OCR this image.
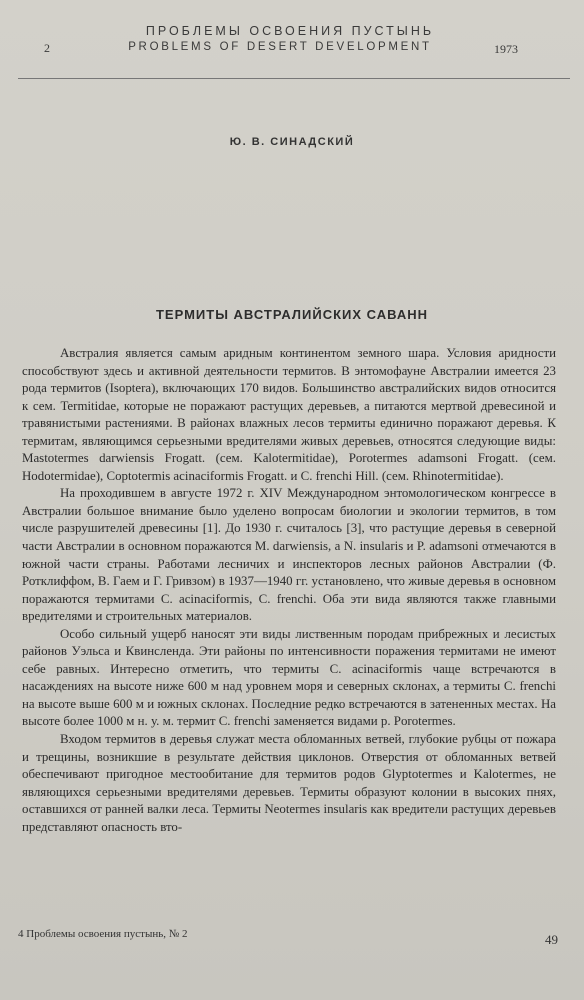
ПРОБЛЕМЫ ОСВОЕНИЯ ПУСТЫНЬ
2	PROBLEMS OF DESERT DEVELOPMENT	1973
Ю. В. СИНАДСКИЙ
ТЕРМИТЫ АВСТРАЛИЙСКИХ САВАНН

Австралия является самым аридным континентом земного шара. Условия аридности способствуют здесь и активной деятельности термитов. В энтомофауне Австралии имеется 23 рода термитов (Isoptera), включающих 170 видов. Большинство австралийских видов относится к сем. Termitidae, которые не поражают растущих деревьев, а питаются мертвой древесиной и травянистыми растениями. В районах влажных лесов термиты единично поражают деревья. К термитам, являющимся серьезными вредителями живых деревьев, относятся следующие виды: Mastotermes darwiensis Frogatt. (сем. Kalotermitidae), Porotermes adamsoni Frogatt. (сем. Hodotermidae), Coptotermis acinaciformis Frogatt. и C. frenchi Hill. (сем. Rhinotermitidae).

На проходившем в августе 1972 г. XIV Международном энтомологическом конгрессе в Австралии большое внимание было уделено вопросам биологии и экологии термитов, в том числе разрушителей древесины [1]. До 1930 г. считалось [3], что растущие деревья в северной части Австралии в основном поражаются M. darwiensis, а N. insularis и P. adamsoni отмечаются в южной части страны. Работами лесничих и инспекторов лесных районов Австралии (Ф. Ротклиффом, В. Гаем и Г. Гривзом) в 1937—1940 гг. установлено, что живые деревья в основном поражаются термитами C. acinaciformis, C. frenchi. Оба эти вида являются также главными вредителями и строительных материалов.

Особо сильный ущерб наносят эти виды лиственным породам прибрежных и лесистых районов Уэльса и Квинсленда. Эти районы по интенсивности поражения термитами не имеют себе равных. Интересно отметить, что термиты C. acinaciformis чаще встречаются в насаждениях на высоте ниже 600 м над уровнем моря и северных склонах, а термиты C. frenchi на высоте выше 600 м и южных склонах. Последние редко встречаются в затененных местах. На высоте более 1000 м н. у. м. термит C. frenchi заменяется видами р. Porotermes.

Входом термитов в деревья служат места обломанных ветвей, глубокие рубцы от пожара и трещины, возникшие в результате действия циклонов. Отверстия от обломанных ветвей обеспечивают пригодное местообитание для термитов родов Glyptotermes и Kalotermes, не являющихся серьезными вредителями деревьев. Термиты образуют колонии в высоких пнях, оставшихся от ранней валки леса. Термиты Neotermes insularis как вредители растущих деревьев представляют опасность вто-

4 Проблемы освоения пустынь, № 2	49
